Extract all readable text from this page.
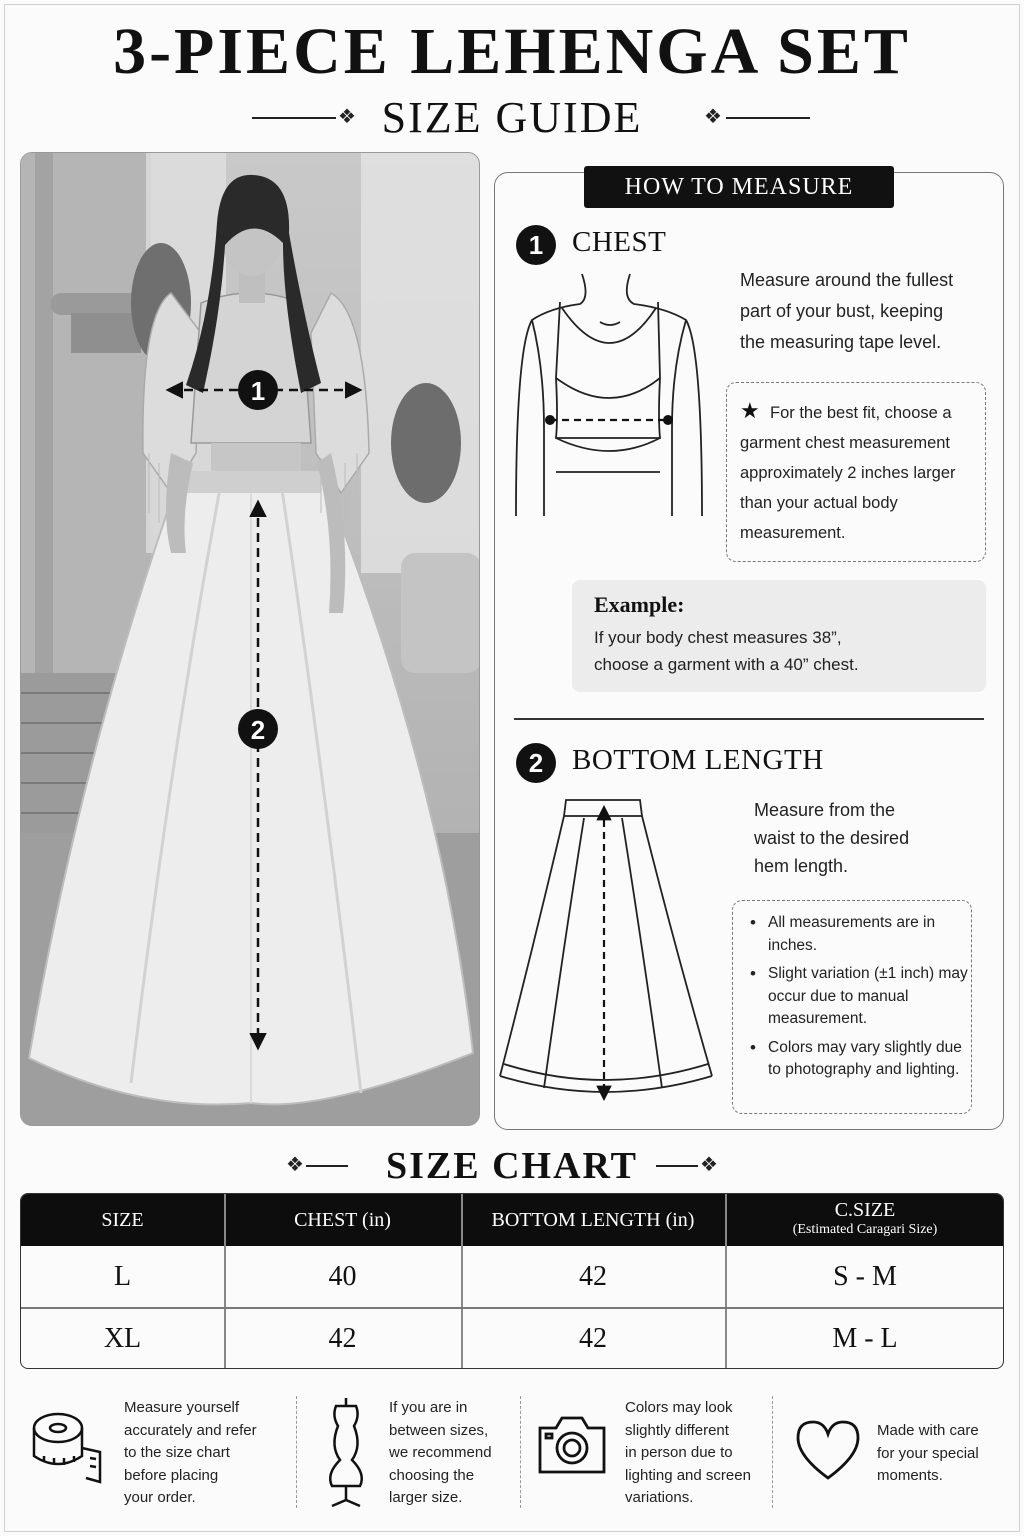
3-PIECE LEHENGA SET
❖ SIZE GUIDE	❖
1
2
HOW TO MEASURE
1 CHEST
Measure around the fullest
part of your bust, keeping
the measuring tape level.
★ For the best fit, choose a
garment chest measurement
approximately 2 inches larger
than your actual body
measurement.
Example:
If your body chest measures 38”,
choose a garment with a 40” chest.
2 BOTTOM LENGTH
Measure from the
waist to the desired
hem length.
• All measurements are in inches.
• Slight variation (±1 inch) may occur due to manual measurement.
• Colors may vary slightly due to photography and lighting.
❖	SIZE CHART	❖
SIZE	CHEST (in)	BOTTOM LENGTH (in)	C.SIZE
(Estimated Caragari Size)
L	40	42	S - M
XL	42	42	M - L
Measure yourself
accurately and refer
to the size chart
before placing
your order.
If you are in
between sizes,
we recommend
choosing the
larger size.
Colors may look
slightly different
in person due to
lighting and screen
variations.
Made with care
for your special
moments.
